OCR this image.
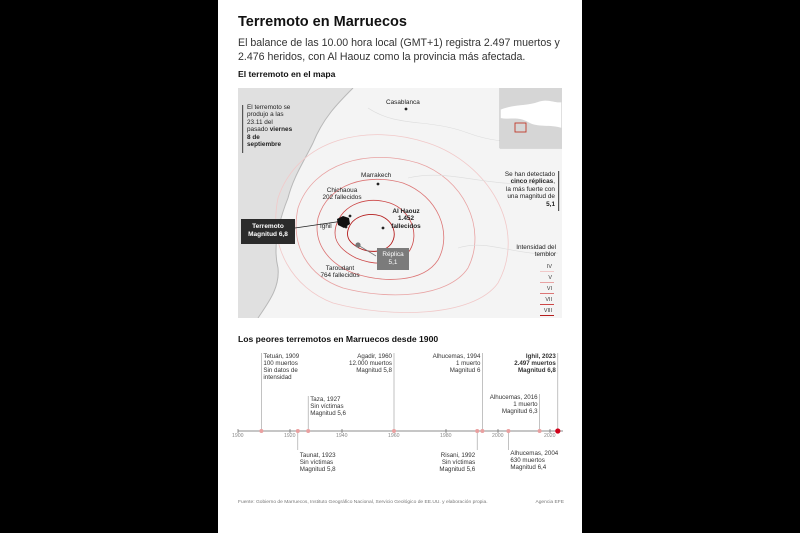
Terremoto en Marruecos
El balance de las 10.00 hora local (GMT+1) registra 2.497 muertos y 2.476 heridos, con Al Haouz como la provincia más afectada.
El terremoto en el mapa
El terremoto se produjo a las 23.11 del pasado viernes 8 de septiembre
Se han detectado cinco réplicas, la más fuerte con una magnitud de 5,1
Casablanca
Marrakech
Chichaoua
202 fallecidos
Al Haouz
1.452 fallecidos
Taroudant
764 fallecidos
Ighil
Terremoto
Magnitud 6,8
Réplica
5,1
Intensidad del temblor
IV
V
VI
VII
VIII
Los peores terremotos en Marruecos desde 1900
1900	1920	1940	1960	1980	2000	2020
Tetuán, 1909
100 muertos
Sin datos de
intensidad
Taunat, 1923
Sin víctimas
Magnitud 5,8
Taza, 1927
Sin víctimas
Magnitud 5,6
Agadir, 1960
12.000 muertos
Magnitud 5,8
Risani, 1992
Sin víctimas
Magnitud 5,6
Alhucemas, 1994
1 muerto
Magnitud 6
Alhucemas, 2004
630 muertos
Magnitud 6,4
Alhucemas, 2016
1 muerto
Magnitud 6,3
Ighil, 2023
2.497 muertos
Magnitud 6,8
Fuente: Gobierno de Marruecos, Instituto Geográfico Nacional, Servicio Geológico de EE.UU. y elaboración propia.	Agencia EFE
